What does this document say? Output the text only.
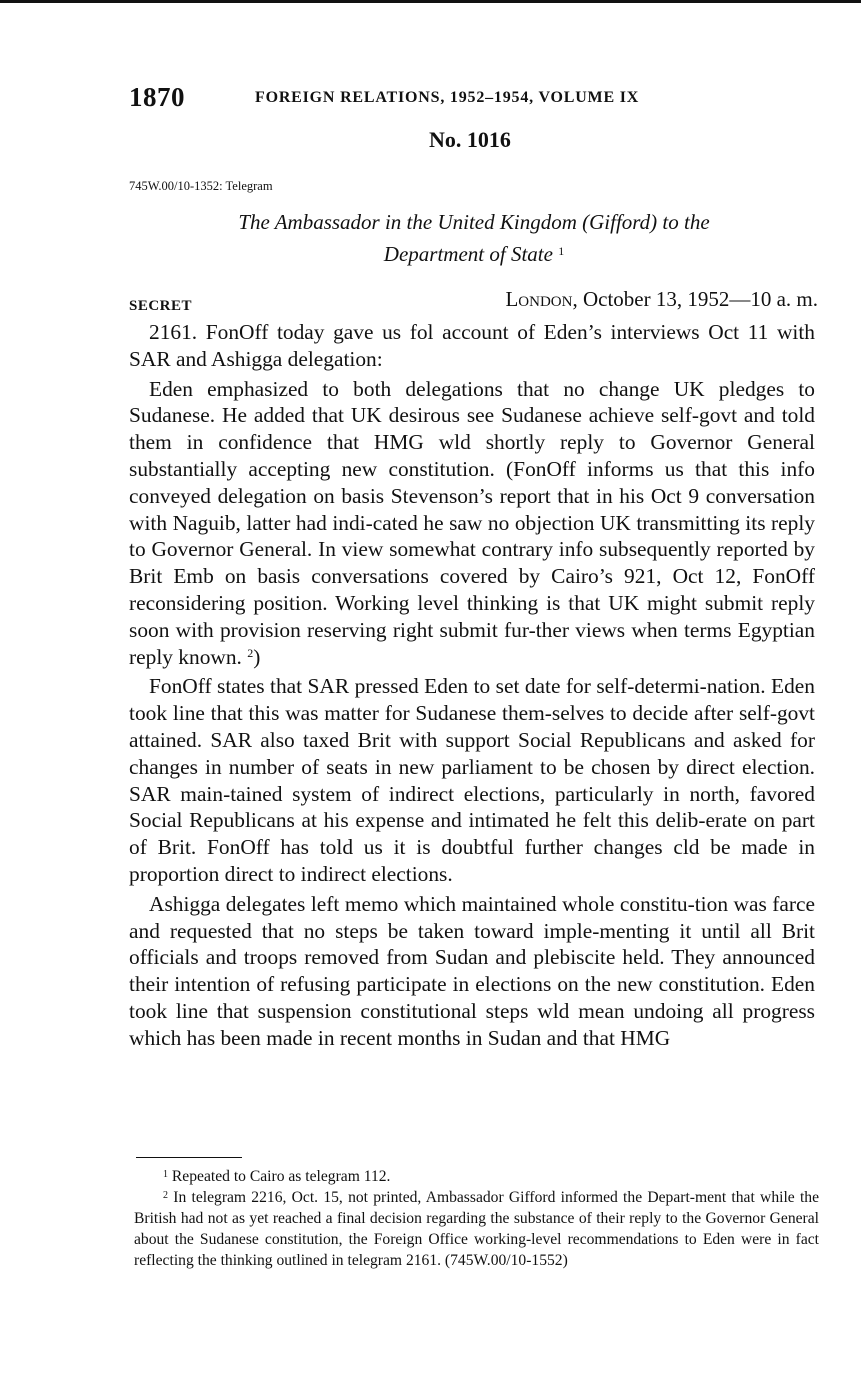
1870	FOREIGN RELATIONS, 1952–1954, VOLUME IX
No. 1016
745W.00/10-1352: Telegram
The Ambassador in the United Kingdom (Gifford) to the
Department of State $^1$
SECRET	London, October 13, 1952—10 a. m.

2161. FonOff today gave us fol account of Eden’s interviews Oct 11 with SAR and Ashigga delegation:

Eden emphasized to both delegations that no change UK pledges to Sudanese. He added that UK desirous see Sudanese achieve self-govt and told them in confidence that HMG wld shortly reply to Governor General substantially accepting new constitution. (FonOff informs us that this info conveyed delegation on basis Stevenson’s report that in his Oct 9 conversation with Naguib, latter had indi-cated he saw no objection UK transmitting its reply to Governor General. In view somewhat contrary info subsequently reported by Brit Emb on basis conversations covered by Cairo’s 921, Oct 12, FonOff reconsidering position. Working level thinking is that UK might submit reply soon with provision reserving right submit fur-ther views when terms Egyptian reply known. $^2$)

FonOff states that SAR pressed Eden to set date for self-determi-nation. Eden took line that this was matter for Sudanese them-selves to decide after self-govt attained. SAR also taxed Brit with support Social Republicans and asked for changes in number of seats in new parliament to be chosen by direct election. SAR main-tained system of indirect elections, particularly in north, favored Social Republicans at his expense and intimated he felt this delib-erate on part of Brit. FonOff has told us it is doubtful further changes cld be made in proportion direct to indirect elections.

Ashigga delegates left memo which maintained whole constitu-tion was farce and requested that no steps be taken toward imple-menting it until all Brit officials and troops removed from Sudan and plebiscite held. They announced their intention of refusing participate in elections on the new constitution. Eden took line that suspension constitutional steps wld mean undoing all progress which has been made in recent months in Sudan and that HMG

$^1$ Repeated to Cairo as telegram 112.

$^2$ In telegram 2216, Oct. 15, not printed, Ambassador Gifford informed the Depart-ment that while the British had not as yet reached a final decision regarding the substance of their reply to the Governor General about the Sudanese constitution, the Foreign Office working-level recommendations to Eden were in fact reflecting the thinking outlined in telegram 2161. (745W.00/10-1552)
